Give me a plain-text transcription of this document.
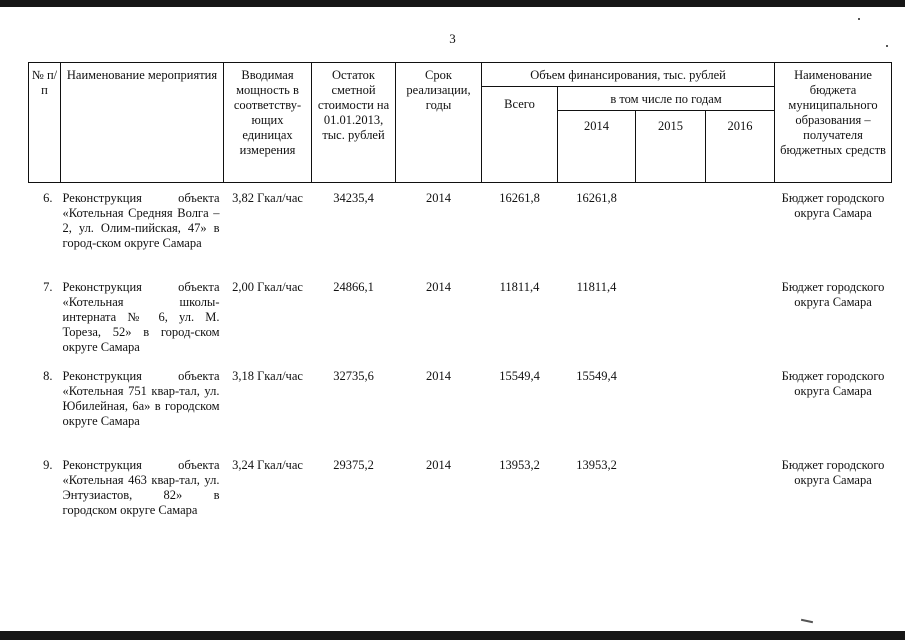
3
№ п/п	Наименование мероприятия	Вводимая мощность в соответству-ющих единицах измерения	Остаток сметной стоимости на 01.01.2013, тыс. рублей	Срок реализации, годы	Объем финансирования, тыс. рублей				Наименование бюджета муниципального образования – получателя бюджетных средств
					Всего	в том числе по годам			
						2014	2015	2016	
6.	Реконструкция объекта «Котельная Средняя Волга – 2, ул. Олим-пийская, 47» в город-ском округе Самара	3,82 Гкал/час	34235,4	2014	16261,8	16261,8			Бюджет городского округа Самара
7.	Реконструкция объекта «Котельная школы-интерната № 6, ул. М. Тореза, 52» в город-ском округе Самара	2,00 Гкал/час	24866,1	2014	11811,4	11811,4			Бюджет городского округа Самара
8.	Реконструкция объекта «Котельная 751 квар-тал, ул. Юбилейная, 6а» в городском округе Самара	3,18 Гкал/час	32735,6	2014	15549,4	15549,4			Бюджет городского округа Самара
9.	Реконструкция объекта «Котельная 463 квар-тал, ул. Энтузиастов, 82» в городском округе Самара	3,24 Гкал/час	29375,2	2014	13953,2	13953,2			Бюджет городского округа Самара
